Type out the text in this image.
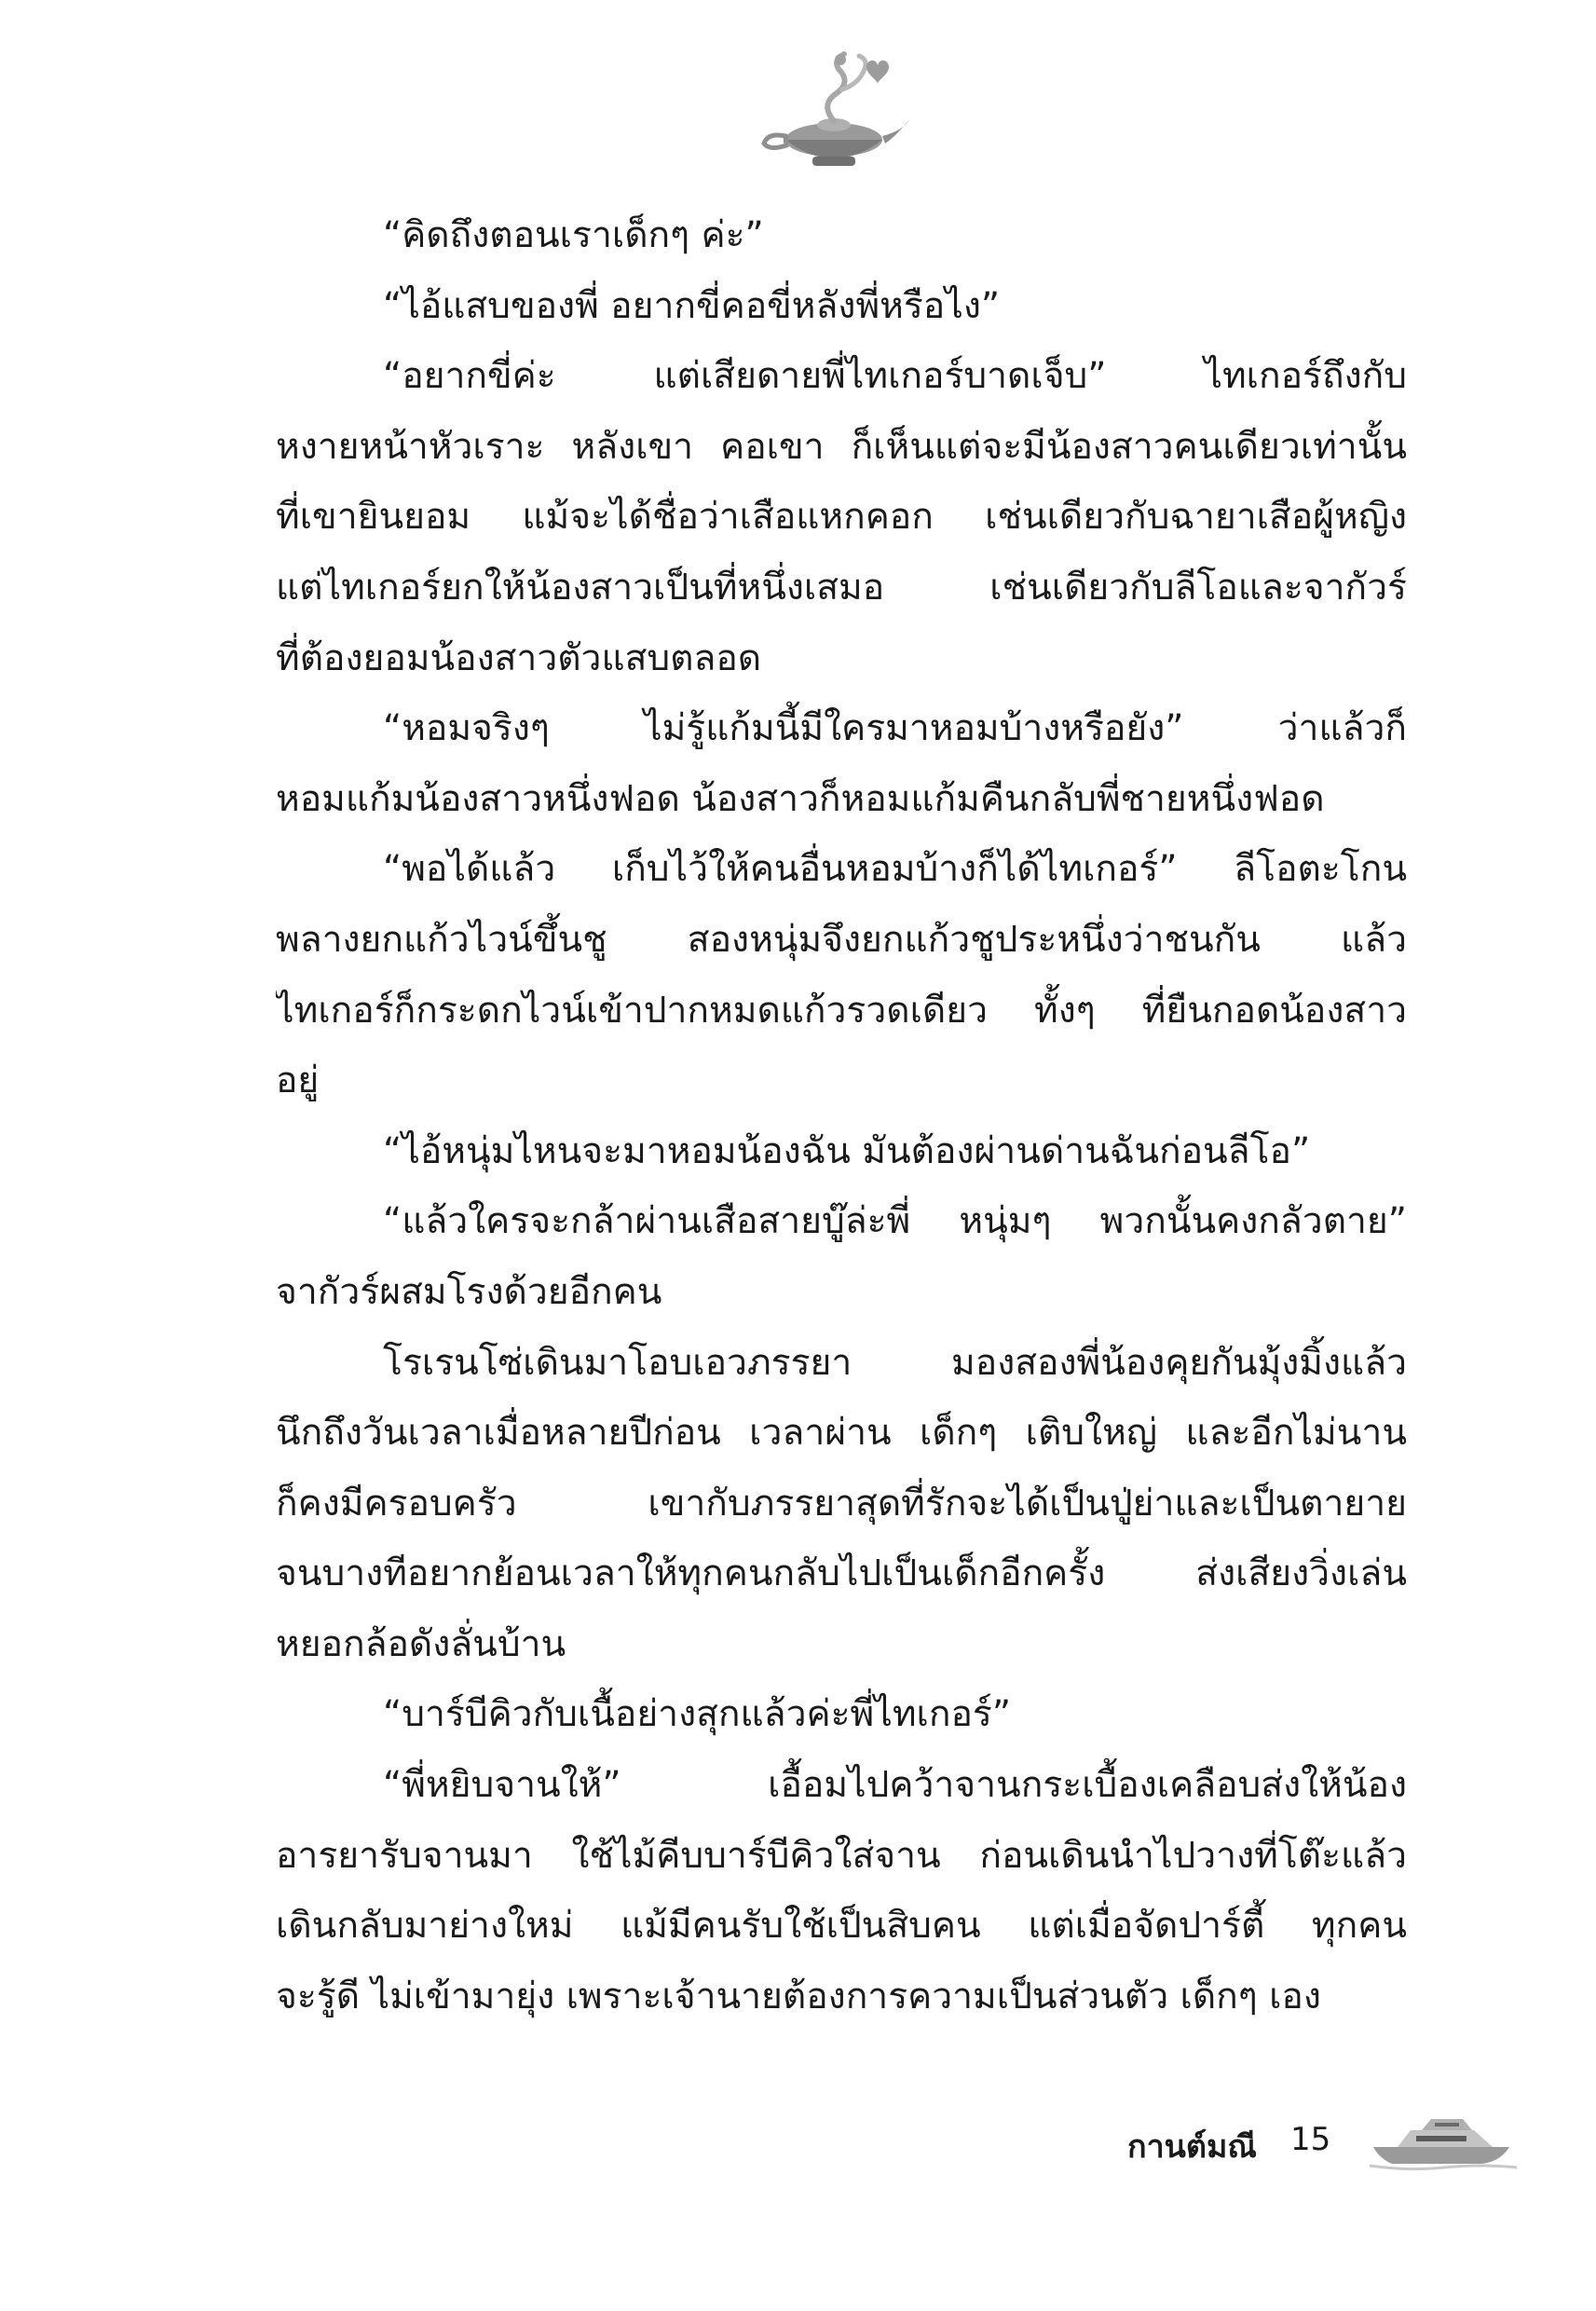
“คิดถึงตอนเราเด็กๆ ค่ะ”
“ไอ้แสบของพี่ อยากขี่คอขี่หลังพี่หรือไง”
“อยากขี่ค่ะ แต่เสียดายพี่ไทเกอร์บาดเจ็บ” ไทเกอร์ถึงกับ
หงายหน้าหัวเราะ หลังเขา คอเขา ก็เห็นแต่จะมีน้องสาวคนเดียวเท่านั้น
ที่เขายินยอม แม้จะได้ชื่อว่าเสือแหกคอก เช่นเดียวกับฉายาเสือผู้หญิง
แต่ไทเกอร์ยกให้น้องสาวเป็นที่หนึ่งเสมอ เช่นเดียวกับลีโอและจากัวร์
ที่ต้องยอมน้องสาวตัวแสบตลอด
“หอมจริงๆ ไม่รู้แก้มนี้มีใครมาหอมบ้างหรือยัง” ว่าแล้วก็
หอมแก้มน้องสาวหนึ่งฟอด น้องสาวก็หอมแก้มคืนกลับพี่ชายหนึ่งฟอด
“พอได้แล้ว เก็บไว้ให้คนอื่นหอมบ้างก็ได้ไทเกอร์” ลีโอตะโกน
พลางยกแก้วไวน์ขึ้นชู สองหนุ่มจึงยกแก้วชูประหนึ่งว่าชนกัน แล้ว
ไทเกอร์ก็กระดกไวน์เข้าปากหมดแก้วรวดเดียว ทั้งๆ ที่ยืนกอดน้องสาว
อยู่
“ไอ้หนุ่มไหนจะมาหอมน้องฉัน มันต้องผ่านด่านฉันก่อนลีโอ”
“แล้วใครจะกล้าผ่านเสือสายบู๊ล่ะพี่ หนุ่มๆ พวกนั้นคงกลัวตาย”
จากัวร์ผสมโรงด้วยอีกคน
โรเรนโซ่เดินมาโอบเอวภรรยา มองสองพี่น้องคุยกันมุ้งมิ้งแล้ว
นึกถึงวันเวลาเมื่อหลายปีก่อน เวลาผ่าน เด็กๆ เติบใหญ่ และอีกไม่นาน
ก็คงมีครอบครัว เขากับภรรยาสุดที่รักจะได้เป็นปู่ย่าและเป็นตายาย
จนบางทีอยากย้อนเวลาให้ทุกคนกลับไปเป็นเด็กอีกครั้ง ส่งเสียงวิ่งเล่น
หยอกล้อดังลั่นบ้าน
“บาร์บีคิวกับเนื้อย่างสุกแล้วค่ะพี่ไทเกอร์”
“พี่หยิบจานให้” เอื้อมไปคว้าจานกระเบื้องเคลือบส่งให้น้อง
อารยารับจานมา ใช้ไม้คีบบาร์บีคิวใส่จาน ก่อนเดินนำไปวางที่โต๊ะแล้ว
เดินกลับมาย่างใหม่ แม้มีคนรับใช้เป็นสิบคน แต่เมื่อจัดปาร์ตี้ ทุกคน
จะรู้ดี ไม่เข้ามายุ่ง เพราะเจ้านายต้องการความเป็นส่วนตัว เด็กๆ เอง
กานต์มณี 15
